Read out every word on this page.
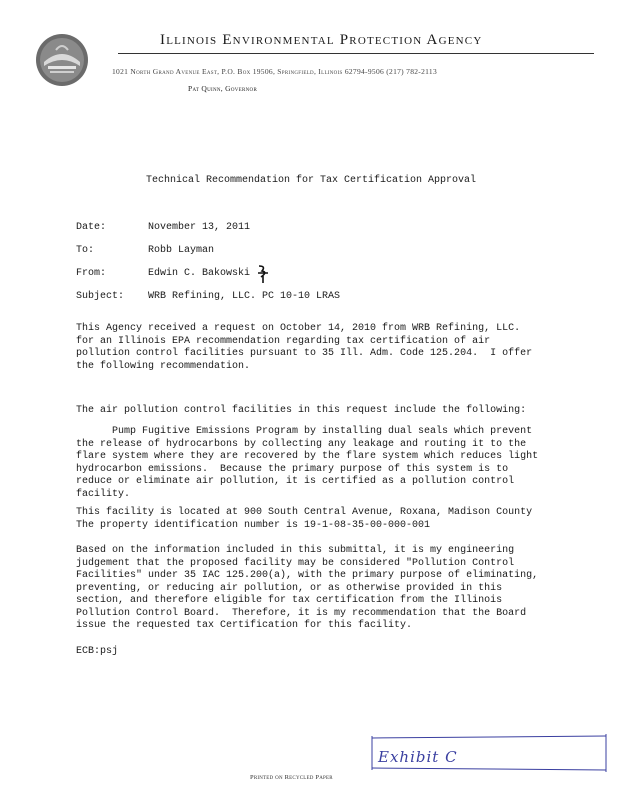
Illinois Environmental Protection Agency
1021 North Grand Avenue East, P.O. Box 19506, Springfield, Illinois 62794-9506 (217) 782-2113
Pat Quinn, Governor
Technical Recommendation for Tax Certification Approval
Date:	November 13, 2011
To:	Robb Layman
From:	Edwin C. Bakowski
Subject: WRB Refining, LLC. PC 10-10 LRAS
This Agency received a request on October 14, 2010 from WRB Refining, LLC.
for an Illinois EPA recommendation regarding tax certification of air
pollution control facilities pursuant to 35 Ill. Adm. Code 125.204.  I offer
the following recommendation.
The air pollution control facilities in this request include the following:
Pump Fugitive Emissions Program by installing dual seals which prevent
the release of hydrocarbons by collecting any leakage and routing it to the
flare system where they are recovered by the flare system which reduces light
hydrocarbon emissions.  Because the primary purpose of this system is to
reduce or eliminate air pollution, it is certified as a pollution control
facility.
This facility is located at 900 South Central Avenue, Roxana, Madison County
The property identification number is 19-1-08-35-00-000-001
Based on the information included in this submittal, it is my engineering
judgement that the proposed facility may be considered "Pollution Control
Facilities" under 35 IAC 125.200(a), with the primary purpose of eliminating,
preventing, or reducing air pollution, or as otherwise provided in this
section, and therefore eligible for tax certification from the Illinois
Pollution Control Board.  Therefore, it is my recommendation that the Board
issue the requested tax Certification for this facility.
ECB:psj
Exhibit C
Printed on Recycled Paper
